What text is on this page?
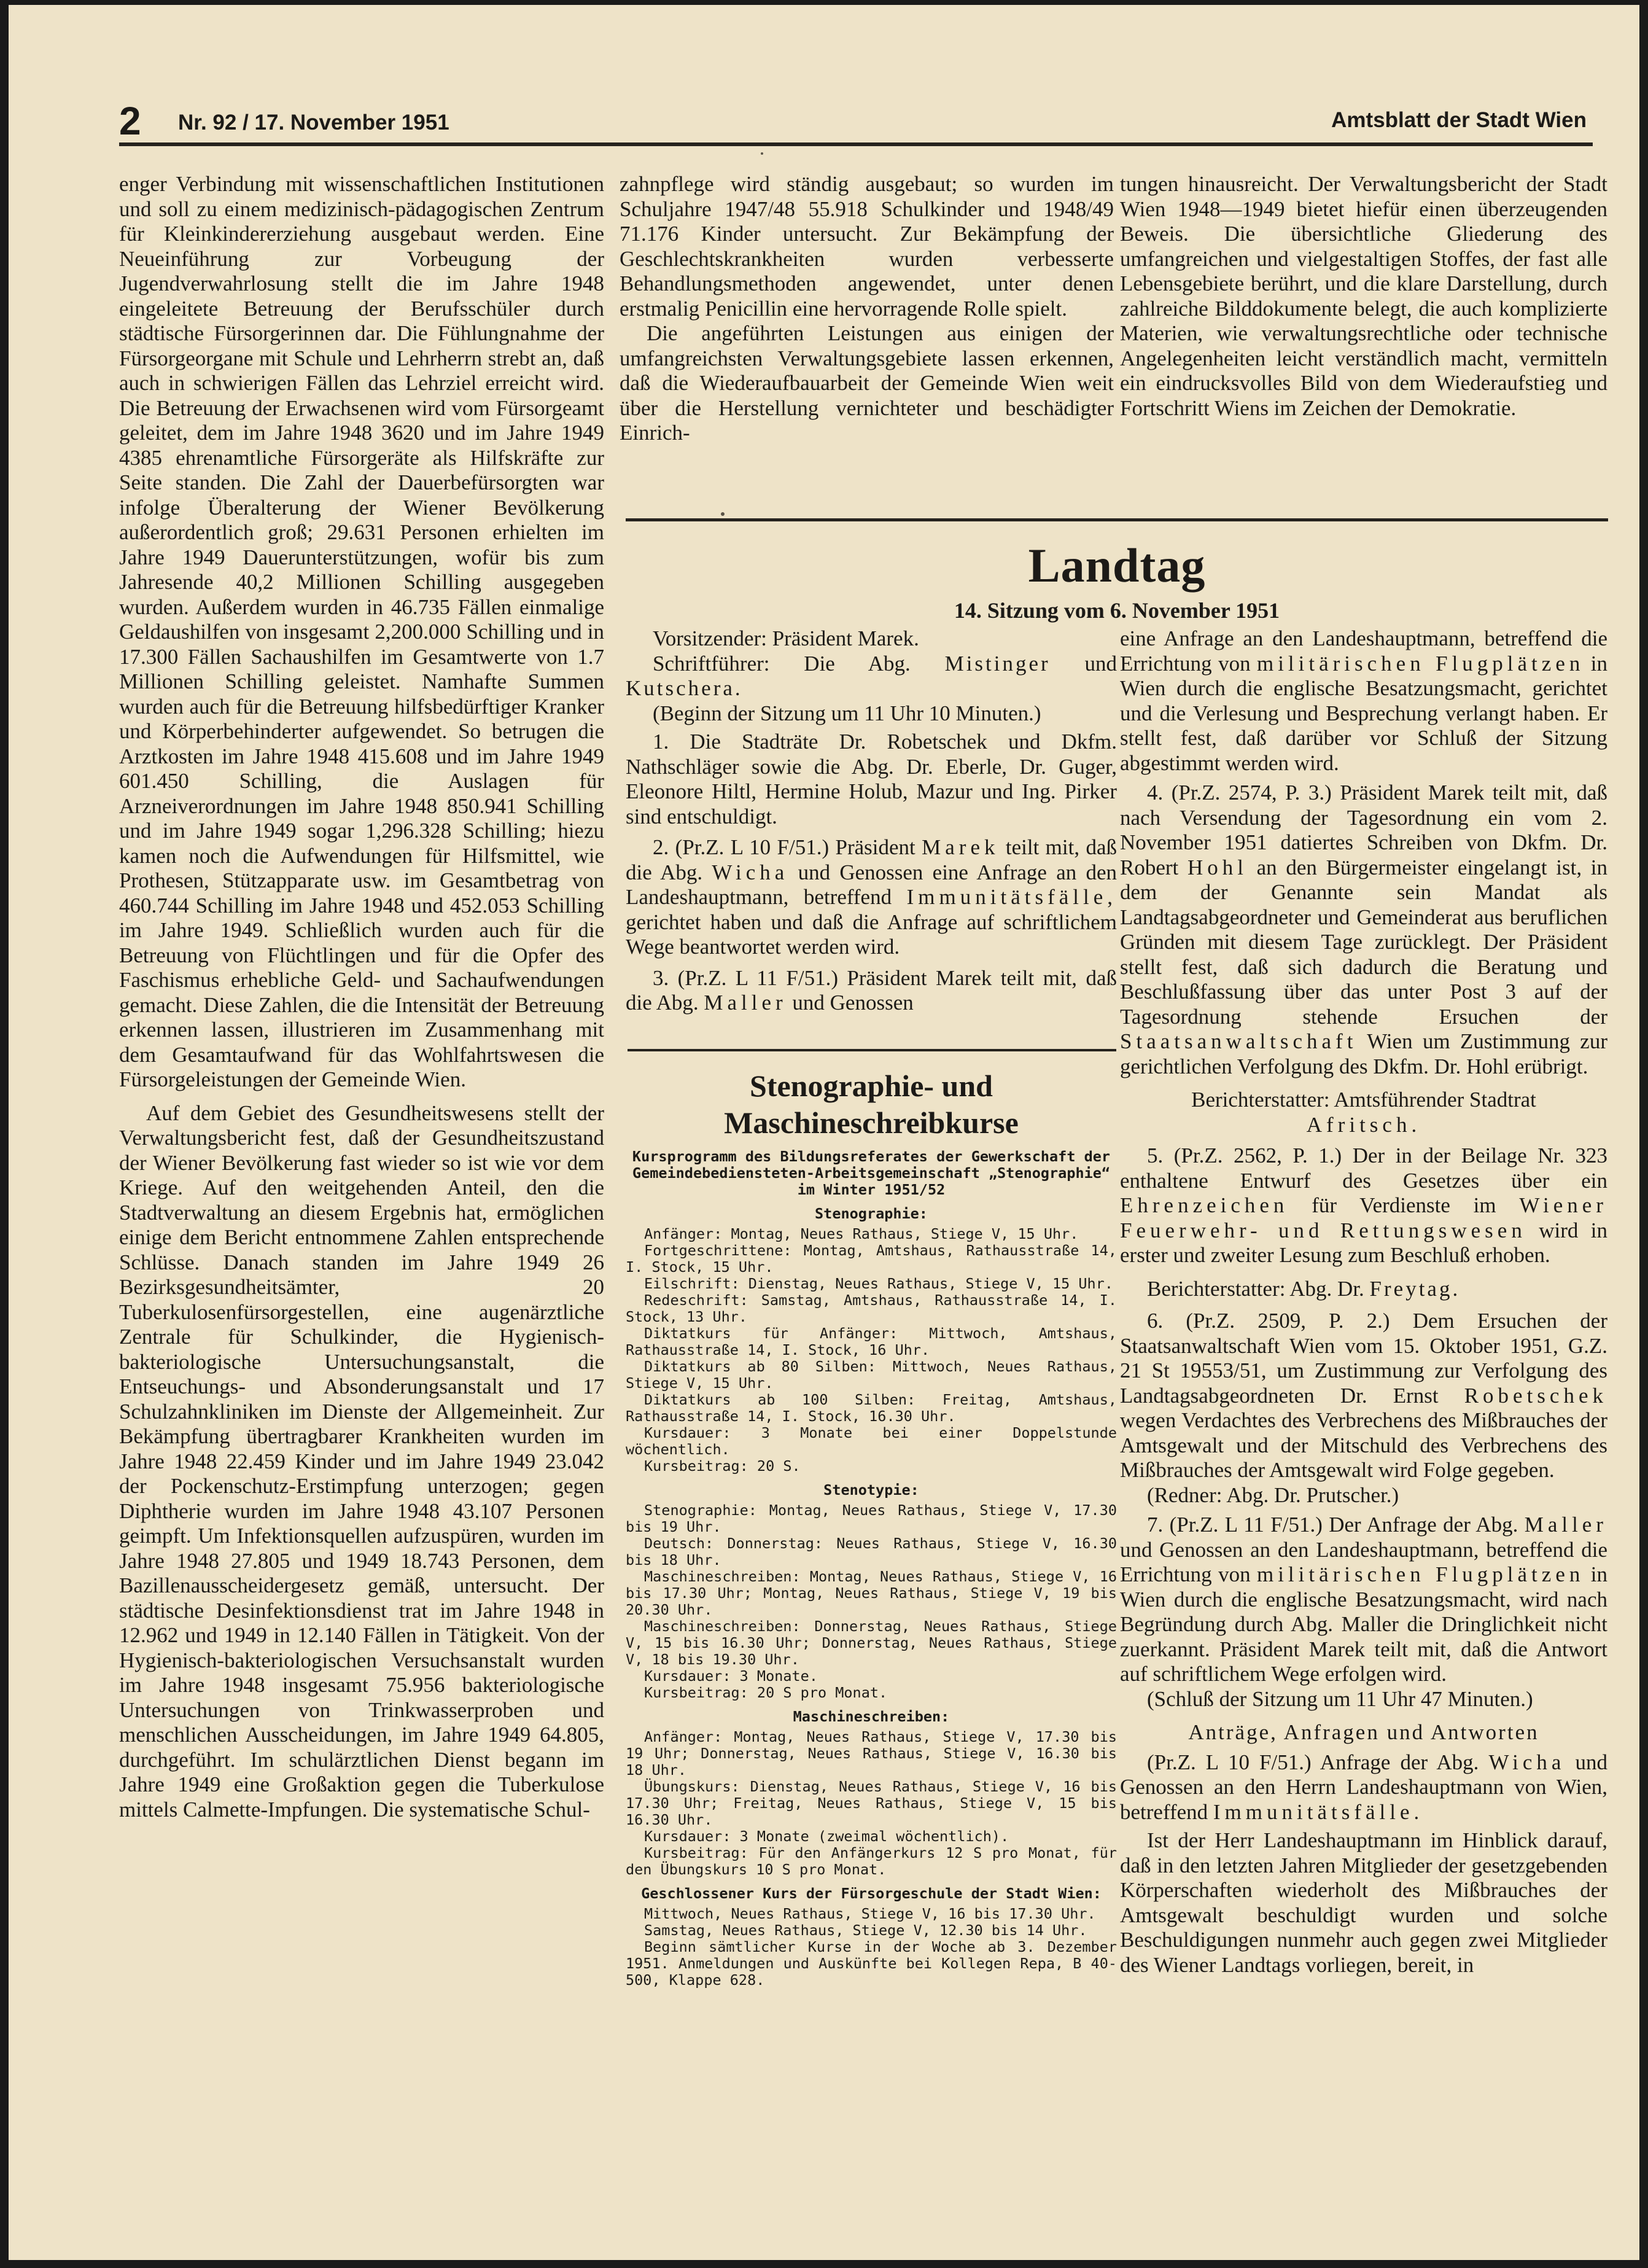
2 Nr. 92 / 17. November 1951	Amtsblatt der Stadt Wien

enger Verbindung mit wissenschaftlichen Institutionen und soll zu einem medizinisch-pädagogischen Zentrum für Kleinkindererziehung ausgebaut werden. Eine Neueinführung zur Vorbeugung der Jugendverwahrlosung stellt die im Jahre 1948 eingeleitete Betreuung der Berufsschüler durch städtische Fürsorgerinnen dar. Die Fühlungnahme der Fürsorgeorgane mit Schule und Lehrherrn strebt an, daß auch in schwierigen Fällen das Lehrziel erreicht wird. Die Betreuung der Erwachsenen wird vom Fürsorgeamt geleitet, dem im Jahre 1948 3620 und im Jahre 1949 4385 ehrenamtliche Fürsorgeräte als Hilfskräfte zur Seite standen. Die Zahl der Dauerbefürsorgten war infolge Überalterung der Wiener Bevölkerung außerordentlich groß; 29.631 Personen erhielten im Jahre 1949 Dauerunterstützungen, wofür bis zum Jahresende 40,2 Millionen Schilling ausgegeben wurden. Außerdem wurden in 46.735 Fällen einmalige Geldaushilfen von insgesamt 2,200.000 Schilling und in 17.300 Fällen Sachaushilfen im Gesamtwerte von 1.7 Millionen Schilling geleistet. Namhafte Summen wurden auch für die Betreuung hilfsbedürftiger Kranker und Körperbehinderter aufgewendet. So betrugen die Arztkosten im Jahre 1948 415.608 und im Jahre 1949 601.450 Schilling, die Auslagen für Arzneiverordnungen im Jahre 1948 850.941 Schilling und im Jahre 1949 sogar 1,296.328 Schilling; hiezu kamen noch die Aufwendungen für Hilfsmittel, wie Prothesen, Stützapparate usw. im Gesamtbetrag von 460.744 Schilling im Jahre 1948 und 452.053 Schilling im Jahre 1949. Schließlich wurden auch für die Betreuung von Flüchtlingen und für die Opfer des Faschismus erhebliche Geld- und Sachaufwendungen gemacht. Diese Zahlen, die die Intensität der Betreuung erkennen lassen, illustrieren im Zusammenhang mit dem Gesamtaufwand für das Wohlfahrtswesen die Fürsorgeleistungen der Gemeinde Wien.

Auf dem Gebiet des Gesundheitswesens stellt der Verwaltungsbericht fest, daß der Gesundheitszustand der Wiener Bevölkerung fast wieder so ist wie vor dem Kriege. Auf den weitgehenden Anteil, den die Stadtverwaltung an diesem Ergebnis hat, ermöglichen einige dem Bericht entnommene Zahlen entsprechende Schlüsse. Danach standen im Jahre 1949 26 Bezirksgesundheitsämter, 20 Tuberkulosenfürsorgestellen, eine augenärztliche Zentrale für Schulkinder, die Hygienisch-bakteriologische Untersuchungsanstalt, die Entseuchungs- und Absonderungsanstalt und 17 Schulzahnkliniken im Dienste der Allgemeinheit. Zur Bekämpfung übertragbarer Krankheiten wurden im Jahre 1948 22.459 Kinder und im Jahre 1949 23.042 der Pockenschutz-Erstimpfung unterzogen; gegen Diphtherie wurden im Jahre 1948 43.107 Personen geimpft. Um Infektionsquellen aufzuspüren, wurden im Jahre 1948 27.805 und 1949 18.743 Personen, dem Bazillenausscheidergesetz gemäß, untersucht. Der städtische Desinfektionsdienst trat im Jahre 1948 in 12.962 und 1949 in 12.140 Fällen in Tätigkeit. Von der Hygienisch-bakteriologischen Versuchsanstalt wurden im Jahre 1948 insgesamt 75.956 bakteriologische Untersuchungen von Trinkwasserproben und menschlichen Ausscheidungen, im Jahre 1949 64.805, durchgeführt. Im schulärztlichen Dienst begann im Jahre 1949 eine Großaktion gegen die Tuberkulose mittels Calmette-Impfungen. Die systematische Schul-

zahnpflege wird ständig ausgebaut; so wurden im Schuljahre 1947/48 55.918 Schulkinder und 1948/49 71.176 Kinder untersucht. Zur Bekämpfung der Geschlechtskrankheiten wurden verbesserte Behandlungsmethoden angewendet, unter denen erstmalig Penicillin eine hervorragende Rolle spielt.

Die angeführten Leistungen aus einigen der umfangreichsten Verwaltungsgebiete lassen erkennen, daß die Wiederaufbauarbeit der Gemeinde Wien weit über die Herstellung vernichteter und beschädigter Einrich-

tungen hinausreicht. Der Verwaltungsbericht der Stadt Wien 1948—1949 bietet hiefür einen überzeugenden Beweis. Die übersichtliche Gliederung des umfangreichen und vielgestaltigen Stoffes, der fast alle Lebensgebiete berührt, und die klare Darstellung, durch zahlreiche Bilddokumente belegt, die auch komplizierte Materien, wie verwaltungsrechtliche oder technische Angelegenheiten leicht verständlich macht, vermitteln ein eindrucksvolles Bild von dem Wiederaufstieg und Fortschritt Wiens im Zeichen der Demokratie.

Landtag
14. Sitzung vom 6. November 1951

Vorsitzender: Präsident Marek.

Schriftführer: Die Abg. Mistinger und Kutschera.

(Beginn der Sitzung um 11 Uhr 10 Minuten.)

1. Die Stadträte Dr. Robetschek und Dkfm. Nathschläger sowie die Abg. Dr. Eberle, Dr. Guger, Eleonore Hiltl, Hermine Holub, Mazur und Ing. Pirker sind entschuldigt.

2. (Pr.Z. L 10 F/51.) Präsident Marek teilt mit, daß die Abg. Wicha und Genossen eine Anfrage an den Landeshauptmann, betreffend Immunitätsfälle, gerichtet haben und daß die Anfrage auf schriftlichem Wege beantwortet werden wird.

3. (Pr.Z. L 11 F/51.) Präsident Marek teilt mit, daß die Abg. Maller und Genossen

Stenographie- und Maschineschreibkurse

Kursprogramm des Bildungsreferates der Gewerkschaft der Gemeindebediensteten-Arbeitsgemeinschaft „Stenographie“ im Winter 1951/52

Stenographie:

Anfänger: Montag, Neues Rathaus, Stiege V, 15 Uhr.

Fortgeschrittene: Montag, Amtshaus, Rathausstraße 14, I. Stock, 15 Uhr.

Eilschrift: Dienstag, Neues Rathaus, Stiege V, 15 Uhr.

Redeschrift: Samstag, Amtshaus, Rathausstraße 14, I. Stock, 13 Uhr.

Diktatkurs für Anfänger: Mittwoch, Amtshaus, Rathausstraße 14, I. Stock, 16 Uhr.

Diktatkurs ab 80 Silben: Mittwoch, Neues Rathaus, Stiege V, 15 Uhr.

Diktatkurs ab 100 Silben: Freitag, Amtshaus, Rathausstraße 14, I. Stock, 16.30 Uhr.

Kursdauer: 3 Monate bei einer Doppelstunde wöchentlich.

Kursbeitrag: 20 S.

Stenotypie:

Stenographie: Montag, Neues Rathaus, Stiege V, 17.30 bis 19 Uhr.

Deutsch: Donnerstag: Neues Rathaus, Stiege V, 16.30 bis 18 Uhr.

Maschineschreiben: Montag, Neues Rathaus, Stiege V, 16 bis 17.30 Uhr; Montag, Neues Rathaus, Stiege V, 19 bis 20.30 Uhr.

Maschineschreiben: Donnerstag, Neues Rathaus, Stiege V, 15 bis 16.30 Uhr; Donnerstag, Neues Rathaus, Stiege V, 18 bis 19.30 Uhr.

Kursdauer: 3 Monate.

Kursbeitrag: 20 S pro Monat.

Maschineschreiben:

Anfänger: Montag, Neues Rathaus, Stiege V, 17.30 bis 19 Uhr; Donnerstag, Neues Rathaus, Stiege V, 16.30 bis 18 Uhr.

Übungskurs: Dienstag, Neues Rathaus, Stiege V, 16 bis 17.30 Uhr; Freitag, Neues Rathaus, Stiege V, 15 bis 16.30 Uhr.

Kursdauer: 3 Monate (zweimal wöchentlich).

Kursbeitrag: Für den Anfängerkurs 12 S pro Monat, für den Übungskurs 10 S pro Monat.

Geschlossener Kurs der Fürsorgeschule der Stadt Wien:

Mittwoch, Neues Rathaus, Stiege V, 16 bis 17.30 Uhr.

Samstag, Neues Rathaus, Stiege V, 12.30 bis 14 Uhr.

Beginn sämtlicher Kurse in der Woche ab 3. Dezember 1951. Anmeldungen und Auskünfte bei Kollegen Repa, B 40-500, Klappe 628.

eine Anfrage an den Landeshauptmann, betreffend die Errichtung von militärischen Flugplätzen in Wien durch die englische Besatzungsmacht, gerichtet und die Verlesung und Besprechung verlangt haben. Er stellt fest, daß darüber vor Schluß der Sitzung abgestimmt werden wird.

4. (Pr.Z. 2574, P. 3.) Präsident Marek teilt mit, daß nach Versendung der Tagesordnung ein vom 2. November 1951 datiertes Schreiben von Dkfm. Dr. Robert Hohl an den Bürgermeister eingelangt ist, in dem der Genannte sein Mandat als Landtagsabgeordneter und Gemeinderat aus beruflichen Gründen mit diesem Tage zurücklegt. Der Präsident stellt fest, daß sich dadurch die Beratung und Beschlußfassung über das unter Post 3 auf der Tagesordnung stehende Ersuchen der Staatsanwaltschaft Wien um Zustimmung zur gerichtlichen Verfolgung des Dkfm. Dr. Hohl erübrigt.

Berichterstatter: Amtsführender Stadtrat
Afritsch.

5. (Pr.Z. 2562, P. 1.) Der in der Beilage Nr. 323 enthaltene Entwurf des Gesetzes über ein Ehrenzeichen für Verdienste im Wiener Feuerwehr- und Rettungswesen wird in erster und zweiter Lesung zum Beschluß erhoben.

Berichterstatter: Abg. Dr. Freytag.

6. (Pr.Z. 2509, P. 2.) Dem Ersuchen der Staatsanwaltschaft Wien vom 15. Oktober 1951, G.Z. 21 St 19553/51, um Zustimmung zur Verfolgung des Landtagsabgeordneten Dr. Ernst Robetschek wegen Verdachtes des Verbrechens des Mißbrauches der Amtsgewalt und der Mitschuld des Verbrechens des Mißbrauches der Amtsgewalt wird Folge gegeben.

(Redner: Abg. Dr. Prutscher.)

7. (Pr.Z. L 11 F/51.) Der Anfrage der Abg. Maller und Genossen an den Landeshauptmann, betreffend die Errichtung von militärischen Flugplätzen in Wien durch die englische Besatzungsmacht, wird nach Begründung durch Abg. Maller die Dringlichkeit nicht zuerkannt. Präsident Marek teilt mit, daß die Antwort auf schriftlichem Wege erfolgen wird.

(Schluß der Sitzung um 11 Uhr 47 Minuten.)

Anträge, Anfragen und Antworten

(Pr.Z. L 10 F/51.) Anfrage der Abg. Wicha und Genossen an den Herrn Landeshauptmann von Wien, betreffend Immunitätsfälle.

Ist der Herr Landeshauptmann im Hinblick darauf, daß in den letzten Jahren Mitglieder der gesetzgebenden Körperschaften wiederholt des Mißbrauches der Amtsgewalt beschuldigt wurden und solche Beschuldigungen nunmehr auch gegen zwei Mitglieder des Wiener Landtags vorliegen, bereit, in
